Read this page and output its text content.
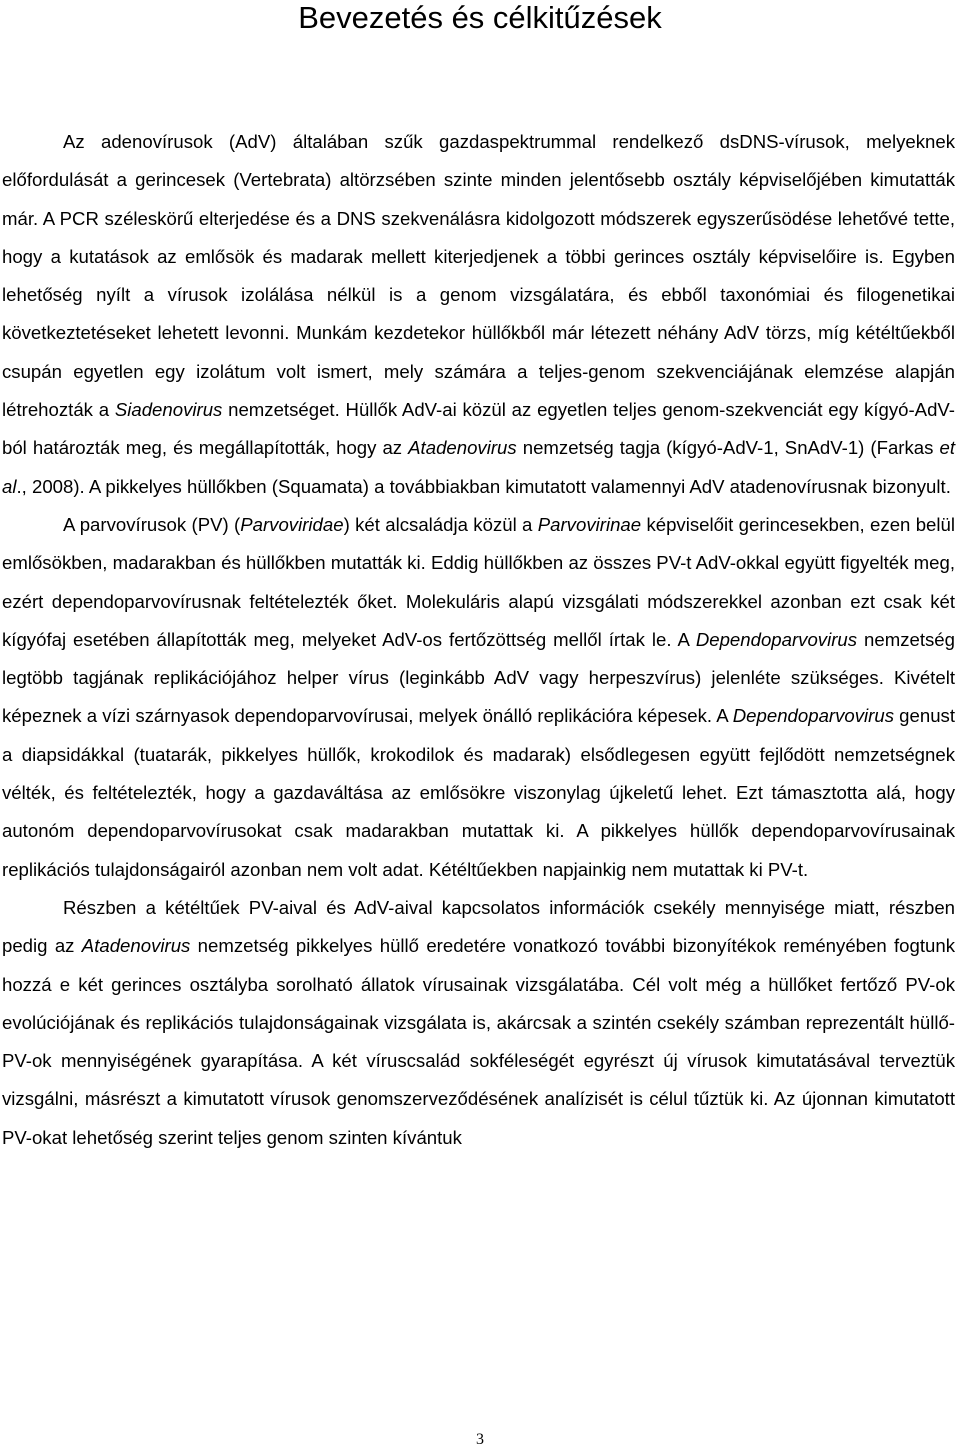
Bevezetés és célkitűzések

Az adenovírusok (AdV) általában szűk gazdaspektrummal rendelkező dsDNS-vírusok, melyeknek előfordulását a gerincesek (Vertebrata) altörzsében szinte minden jelentősebb osztály képviselőjében kimutatták már. A PCR széleskörű elterjedése és a DNS szekvenálásra kidolgozott módszerek egyszerűsödése lehetővé tette, hogy a kutatások az emlősök és madarak mellett kiterjedjenek a többi gerinces osztály képviselőire is. Egyben lehetőség nyílt a vírusok izolálása nélkül is a genom vizsgálatára, és ebből taxonómiai és filogenetikai következtetéseket lehetett levonni. Munkám kezdetekor hüllőkből már létezett néhány AdV törzs, míg kétéltűekből csupán egyetlen egy izolátum volt ismert, mely számára a teljes-genom szekvenciájának elemzése alapján létrehozták a Siadenovirus nemzetséget. Hüllők AdV-ai közül az egyetlen teljes genom-szekvenciát egy kígyó-AdV-ból határozták meg, és megállapították, hogy az Atadenovirus nemzetség tagja (kígyó-AdV-1, SnAdV-1) (Farkas et al., 2008). A pikkelyes hüllőkben (Squamata) a továbbiakban kimutatott valamennyi AdV atadenovírusnak bizonyult.

A parvovírusok (PV) (Parvoviridae) két alcsaládja közül a Parvovirinae képviselőit gerincesekben, ezen belül emlősökben, madarakban és hüllőkben mutatták ki. Eddig hüllőkben az összes PV-t AdV-okkal együtt figyelték meg, ezért dependoparvovírusnak feltételezték őket. Molekuláris alapú vizsgálati módszerekkel azonban ezt csak két kígyófaj esetében állapították meg, melyeket AdV-os fertőzöttség mellől írtak le. A Dependoparvovirus nemzetség legtöbb tagjának replikációjához helper vírus (leginkább AdV vagy herpeszvírus) jelenléte szükséges. Kivételt képeznek a vízi szárnyasok dependoparvovírusai, melyek önálló replikációra képesek. A Dependoparvovirus genust a diapsidákkal (tuatarák, pikkelyes hüllők, krokodilok és madarak) elsődlegesen együtt fejlődött nemzetségnek vélték, és feltételezték, hogy a gazdaváltása az emlősökre viszonylag újkeletű lehet. Ezt támasztotta alá, hogy autonóm dependoparvovírusokat csak madarakban mutattak ki. A pikkelyes hüllők dependoparvovírusainak replikációs tulajdonságairól azonban nem volt adat. Kétéltűekben napjainkig nem mutattak ki PV-t.

Részben a kétéltűek PV-aival és AdV-aival kapcsolatos információk csekély mennyisége miatt, részben pedig az Atadenovirus nemzetség pikkelyes hüllő eredetére vonatkozó további bizonyítékok reményében fogtunk hozzá e két gerinces osztályba sorolható állatok vírusainak vizsgálatába. Cél volt még a hüllőket fertőző PV-ok evolúciójának és replikációs tulajdonságainak vizsgálata is, akárcsak a szintén csekély számban reprezentált hüllő-PV-ok mennyiségének gyarapítása. A két víruscsalád sokféleségét egyrészt új vírusok kimutatásával terveztük vizsgálni, másrészt a kimutatott vírusok genomszerveződésének analízisét is célul tűztük ki. Az újonnan kimutatott PV-okat lehetőség szerint teljes genom szinten kívántuk

3
